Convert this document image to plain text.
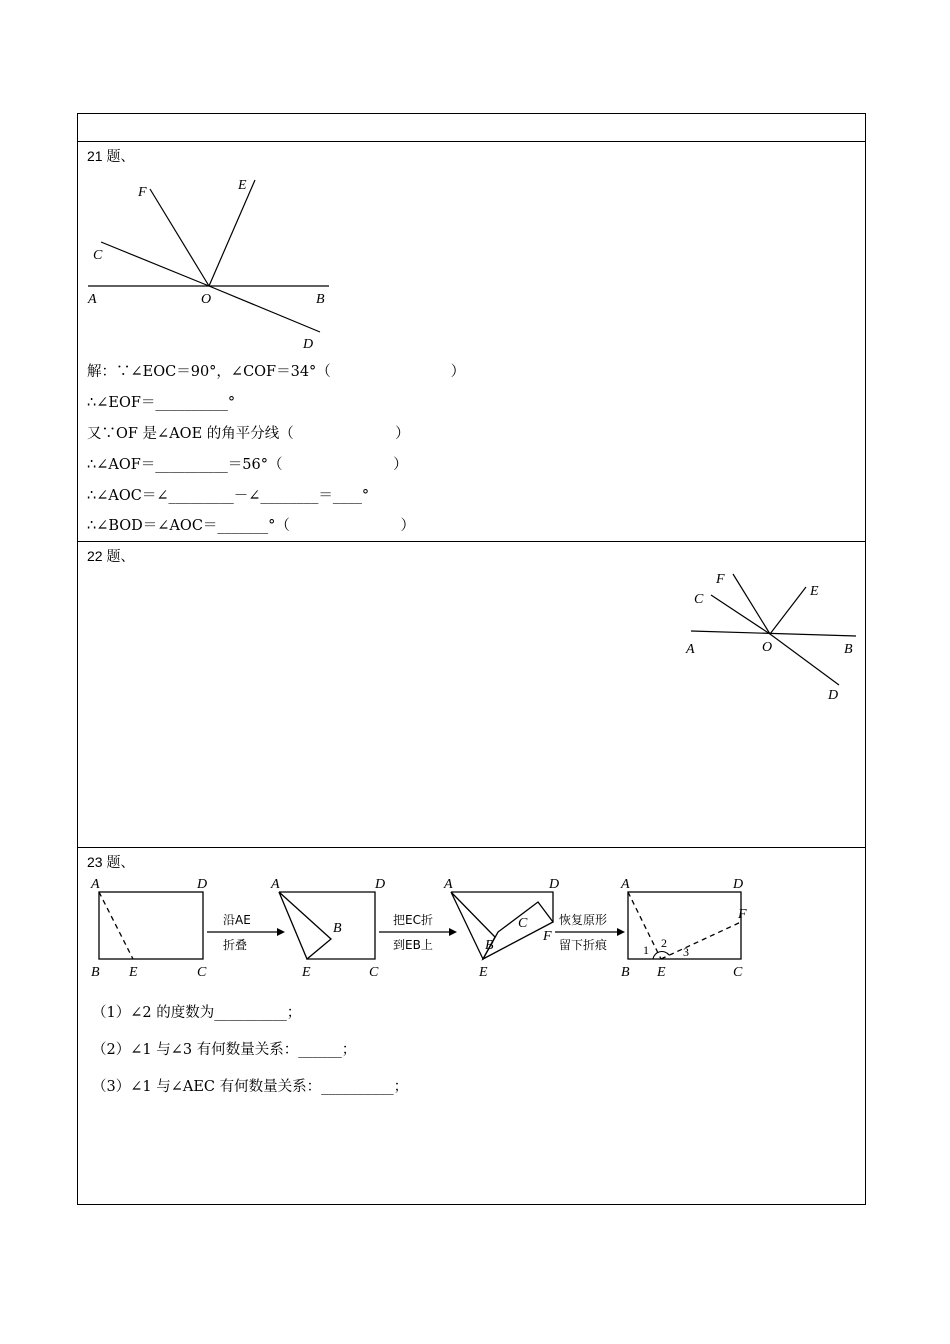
21 题、
F	E
C
A	O	B
D
解：∵∠EOC＝90°，∠COF＝34°（                          ）
∴∠EOF＝__________°
又∵OF 是∠AOE 的角平分线（                      ）
∴∠AOF＝__________＝56°（                        ）
∴∠AOC＝∠_________－∠________＝____°
∴∠BOD＝∠AOC＝_______°（                        ）
22 题、
F
C
E
A	O	B
D
23 题、
A	D
B E	C
沿AE
折叠
A	D
B
E	C
把EC折
到EB上
A	D
C
B
F
E
恢复原形
留下折痕	1 2
3
A	D
F
B E	C
（1）∠2 的度数为__________；
（2）∠1 与∠3 有何数量关系：______；
（3）∠1 与∠AEC 有何数量关系：__________；
